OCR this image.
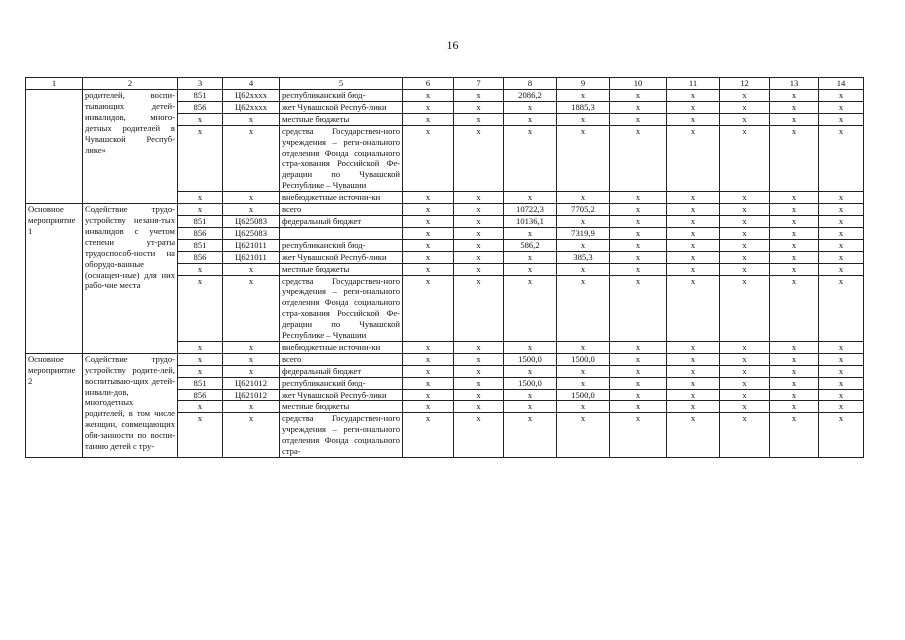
16
1	2	3	4	5	6	7	8	9	10	11	12	13	14
	родителей, воспи-тывающих детей-инвалидов, много-детных родителей в Чувашской Респуб-лике»	851	Ц62хххх	республиканский бюд-	x	x	2086,2	x	x	x	x	x	x
		856	Ц62хххх	жет Чувашской Респуб-лики	x	x	x	1885,3	x	x	x	x	x
		x	x	местные бюджеты	x	x	x	x	x	x	x	x	x
		x	x	средства Государствен-ного учреждения – реги-онального отделения Фонда социального стра-хования Российской Фе-дерации по Чувашской Республике – Чувашии	x	x	x	x	x	x	x	x	x
		x	x	внебюджетные источни-ки	x	x	x	x	x	x	x	x	x
Основное мероприятие 1	Содействие трудо-устройству незаня-тых инвалидов с учетом степени ут-раты трудоспособ-ности на оборудо-ванные (оснащен-ные) для них рабо-чие места	x	x	всего	x	x	10722,3	7705,2	x	x	x	x	x
		851	Ц625083	федеральный бюджет	x	x	10136,1	x	x	x	x	x	x
		856	Ц625083		x	x	x	7319,9	x	x	x	x	x
		851	Ц621011	республиканский бюд-	x	x	586,2	x	x	x	x	x	x
		856	Ц621011	жет Чувашской Респуб-лики	x	x	x	385,3	x	x	x	x	x
		x	x	местные бюджеты	x	x	x	x	x	x	x	x	x
		x	x	средства Государствен-ного учреждения – реги-онального отделения Фонда социального стра-хования Российской Фе-дерации по Чувашской Республике – Чувашии	x	x	x	x	x	x	x	x	x
		x	x	внебюджетные источни-ки	x	x	x	x	x	x	x	x	x
Основное мероприятие 2	Содействие трудо-устройству родите-лей, воспитываю-щих детей-инвали-дов, многодетных родителей, в том числе женщин, совмещающих обя-занности по воспи-танию детей с тру-	x	x	всего	x	x	1500,0	1500,0	x	x	x	x	x
		x	x	федеральный бюджет	x	x	x	x	x	x	x	x	x
		851	Ц621012	республиканский бюд-	x	x	1500,0	x	x	x	x	x	x
		856	Ц621012	жет Чувашской Респуб-лики	x	x	x	1500,0	x	x	x	x	x
		x	x	местные бюджеты	x	x	x	x	x	x	x	x	x
		x	x	средства Государствен-ного учреждения – реги-онального отделения Фонда социального стра-	x	x	x	x	x	x	x	x	x
